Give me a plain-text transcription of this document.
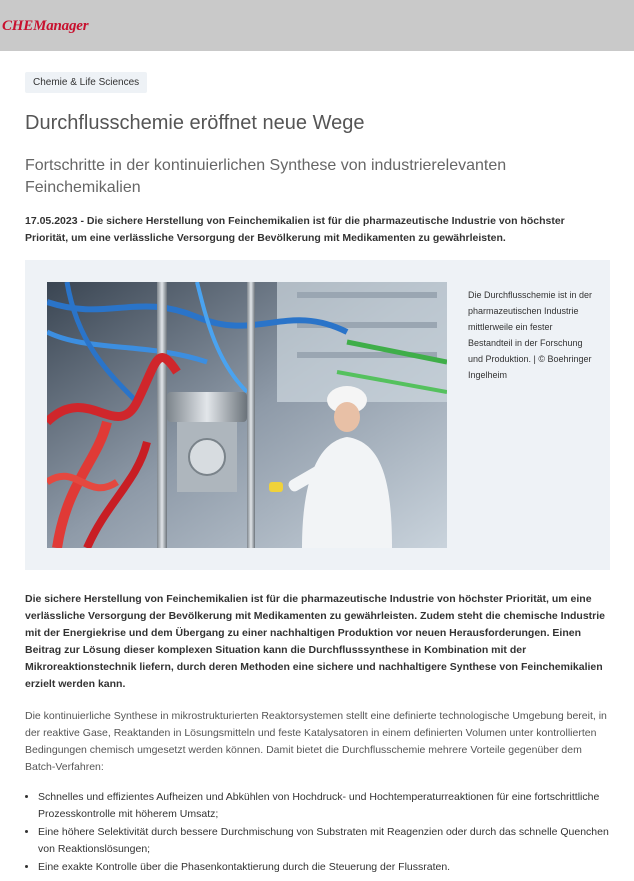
CHEManager
Chemie & Life Sciences
Durchflusschemie eröffnet neue Wege
Fortschritte in der kontinuierlichen Synthese von industrierelevanten Feinchemikalien

17.05.2023 - Die sichere Herstellung von Feinchemikalien ist für die pharmazeutische Industrie von höchster Priorität, um eine verlässliche Versorgung der Bevölkerung mit Medikamenten zu gewährleisten.

Die Durchflusschemie ist in der pharmazeutischen Industrie mittlerweile ein fester Bestandteil in der Forschung und Produktion. | © Boehringer Ingelheim

Die sichere Herstellung von Feinchemikalien ist für die pharmazeutische Industrie von höchster Priorität, um eine verlässliche Versorgung der Bevölkerung mit Medikamenten zu gewährleisten. Zudem steht die chemische Industrie mit der Energiekrise und dem Übergang zu einer nachhaltigen Produktion vor neuen Herausforderungen. Einen Beitrag zur Lösung dieser komplexen Situation kann die Durchflusssynthese in Kombination mit der Mikroreaktionstechnik liefern, durch deren Methoden eine sichere und nachhaltigere Synthese von Feinchemikalien erzielt werden kann.

Die kontinuierliche Synthese in mikrostrukturierten Reaktorsystemen stellt eine definierte technologische Umgebung bereit, in der reaktive Gase, Reaktanden in Lösungsmitteln und feste Katalysatoren in einem definierten Volumen unter kontrollierten Bedingungen chemisch umgesetzt werden können. Damit bietet die Durchflusschemie mehrere Vorteile gegenüber dem Batch-Verfahren:

• Schnelles und effizientes Aufheizen und Abkühlen von Hochdruck- und Hochtemperaturreaktionen für eine fortschrittliche Prozesskontrolle mit höherem Umsatz;
• Eine höhere Selektivität durch bessere Durchmischung von Substraten mit Reagenzien oder durch das schnelle Quenchen von Reaktionslösungen;
• Eine exakte Kontrolle über die Phasenkontaktierung durch die Steuerung der Flussraten.
